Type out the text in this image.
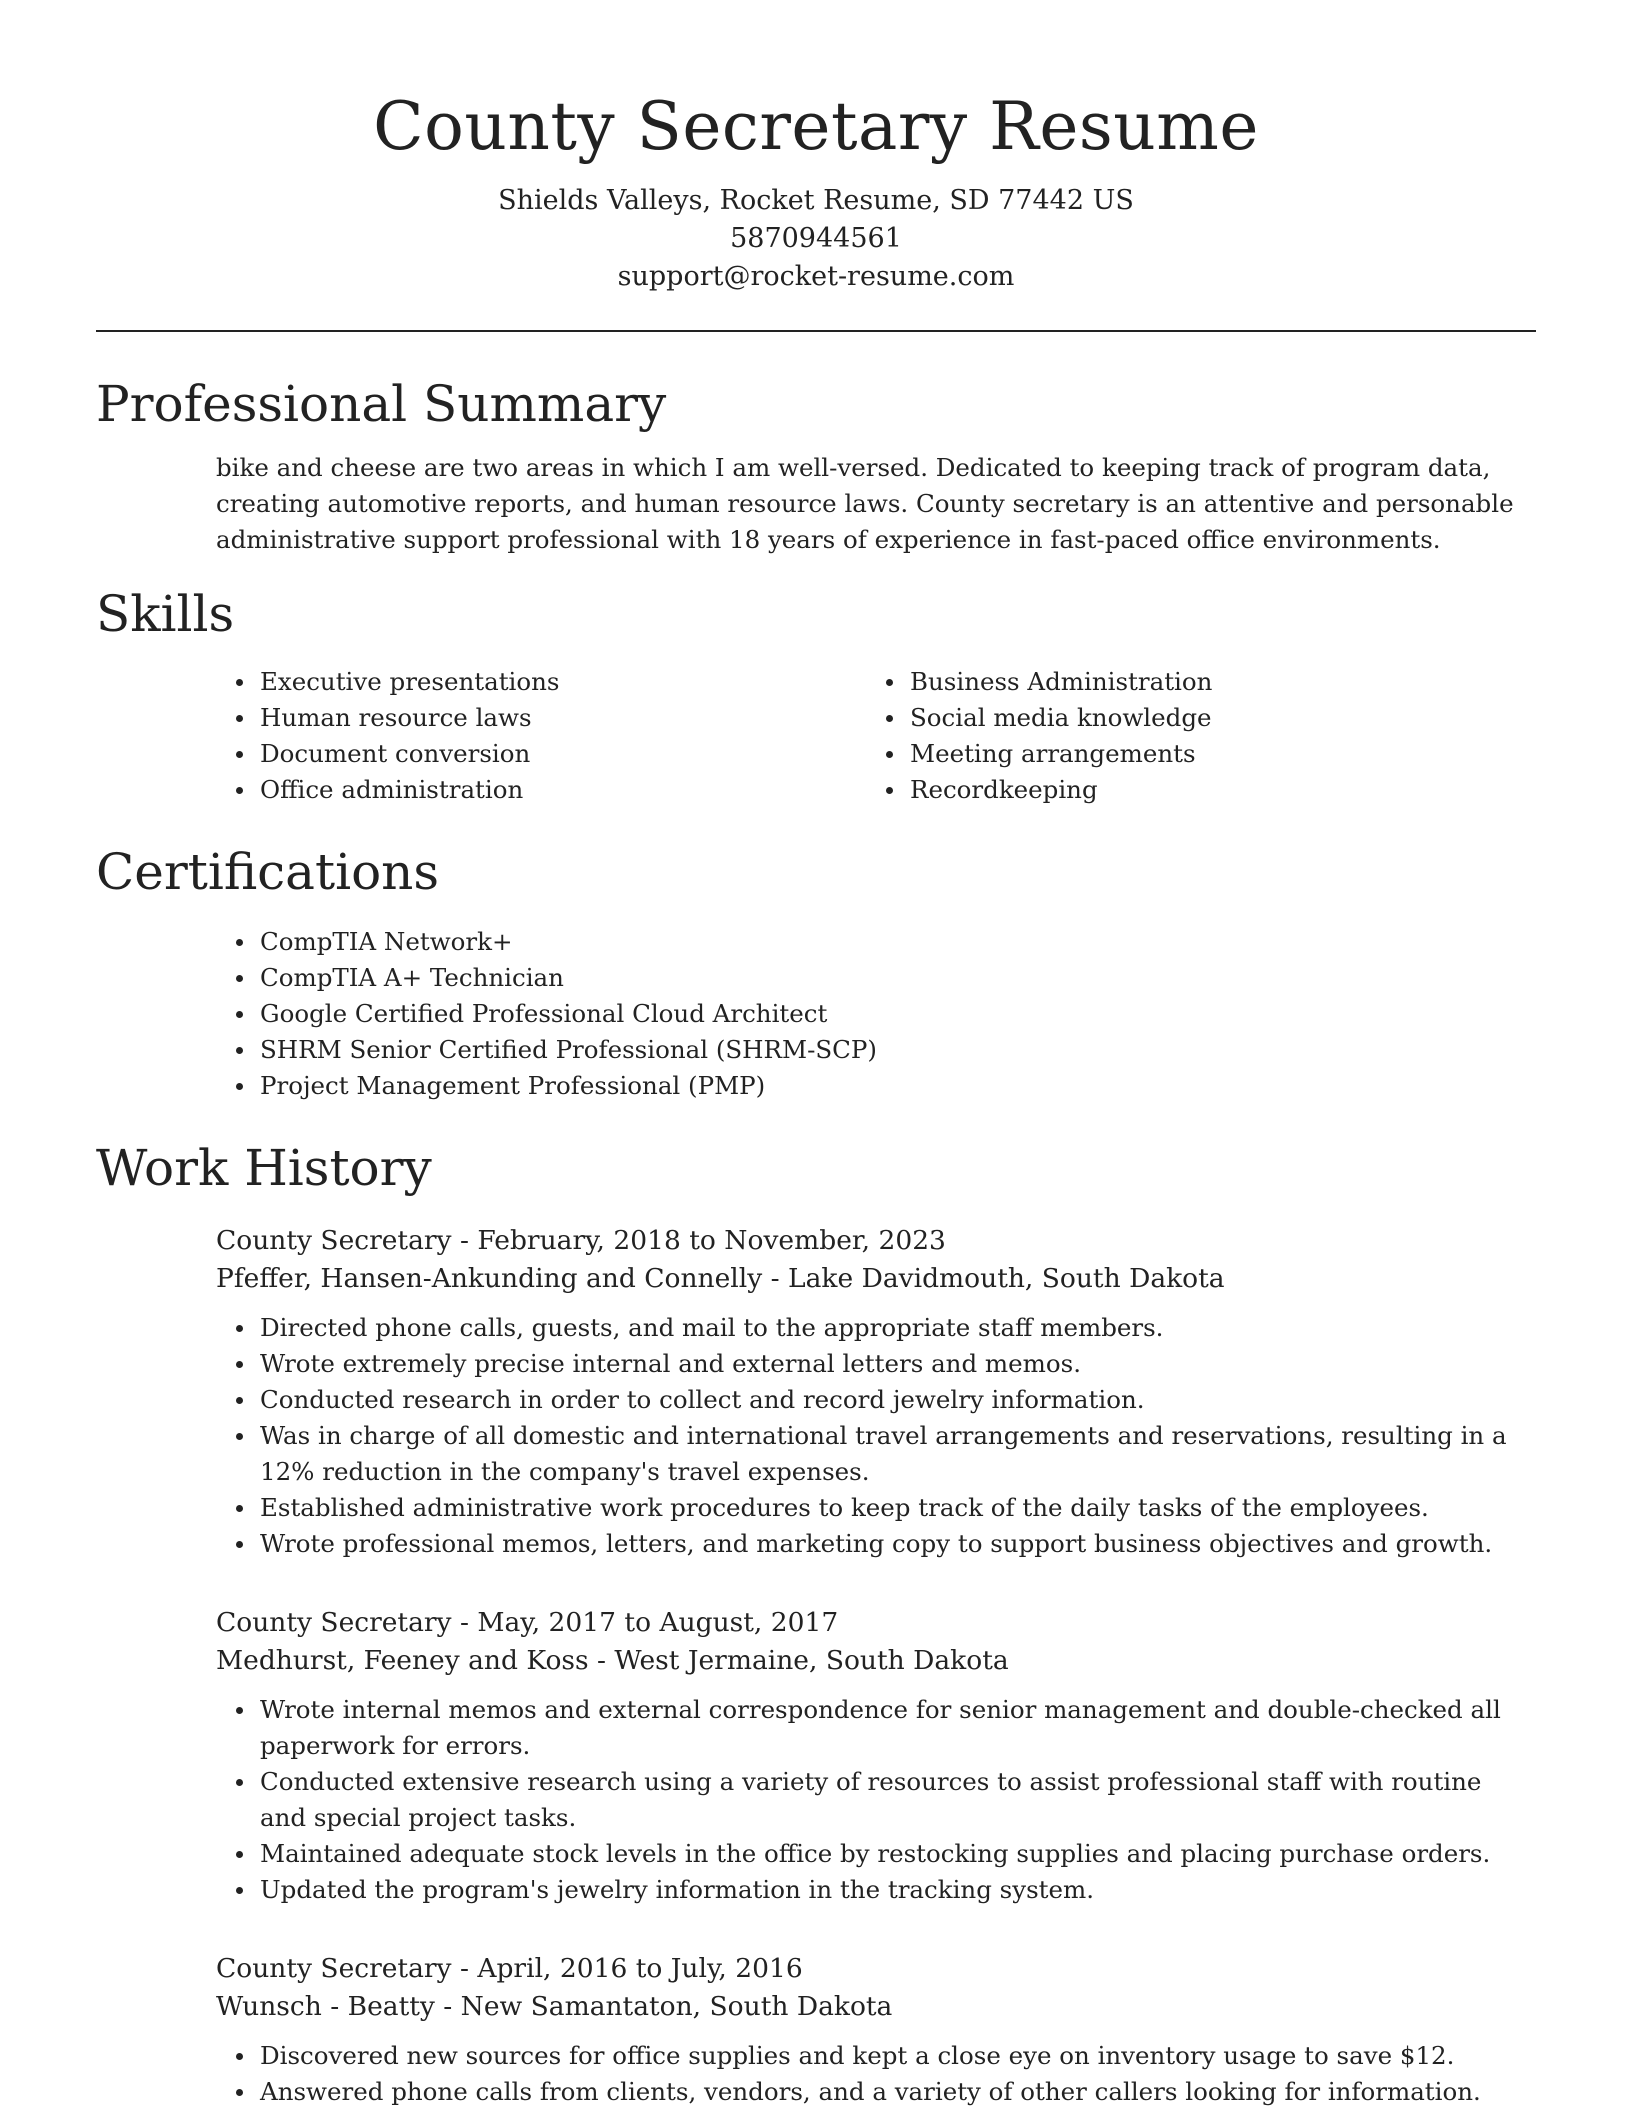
County Secretary Resume

Shields Valleys, Rocket Resume, SD 77442 US

5870944561

support@rocket-resume.com

Professional Summary

bike and cheese are two areas in which I am well-versed. Dedicated to keeping track of program data, creating automotive reports, and human resource laws. County secretary is an attentive and personable administrative support professional with 18 years of experience in fast-paced office environments.

Skills
Executive presentations
Human resource laws
Document conversion
Office administration
Business Administration
Social media knowledge
Meeting arrangements
Recordkeeping
Certifications
CompTIA Network+
CompTIA A+ Technician
Google Certified Professional Cloud Architect
SHRM Senior Certified Professional (SHRM-SCP)
Project Management Professional (PMP)
Work History
County Secretary - February, 2018 to November, 2023
Pfeffer, Hansen-Ankunding and Connelly - Lake Davidmouth, South Dakota
Directed phone calls, guests, and mail to the appropriate staff members.
Wrote extremely precise internal and external letters and memos.
Conducted research in order to collect and record jewelry information.
Was in charge of all domestic and international travel arrangements and reservations, resulting in a 12% reduction in the company's travel expenses.
Established administrative work procedures to keep track of the daily tasks of the employees.
Wrote professional memos, letters, and marketing copy to support business objectives and growth.
County Secretary - May, 2017 to August, 2017
Medhurst, Feeney and Koss - West Jermaine, South Dakota
Wrote internal memos and external correspondence for senior management and double-checked all paperwork for errors.
Conducted extensive research using a variety of resources to assist professional staff with routine and special project tasks.
Maintained adequate stock levels in the office by restocking supplies and placing purchase orders.
Updated the program's jewelry information in the tracking system.
County Secretary - April, 2016 to July, 2016
Wunsch - Beatty - New Samantaton, South Dakota
Discovered new sources for office supplies and kept a close eye on inventory usage to save $12.
Answered phone calls from clients, vendors, and a variety of other callers looking for information.
